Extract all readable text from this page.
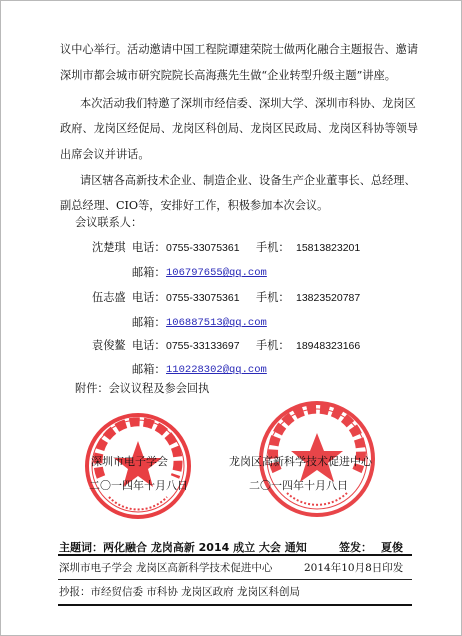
议中心举行。活动邀请中国工程院谭建荣院士做两化融合主题报告、邀请
深圳市都会城市研究院院长高海燕先生做“企业转型升级主题”讲座。
本次活动我们特邀了深圳市经信委、深圳大学、深圳市科协、龙岗区
政府、龙岗区经促局、龙岗区科创局、龙岗区民政局、龙岗区科协等领导
出席会议并讲话。
请区辖各高新技术企业、制造企业、设备生产企业董事长、总经理、
副总经理、CIO等，安排好工作，积极参加本次会议。
会议联系人：
沈楚琪 电话： 0755-33075361 手机： 15813823201
邮箱： 106797655@qq.com
伍志盛 电话： 0755-33075361 手机： 13823520787
邮箱： 106887513@qq.com
袁俊鳌 电话： 0755-33133697 手机： 18948323166
邮箱： 110228302@qq.com
附件：会议议程及参会回执
深圳市电子学会
二〇一四年十月八日
龙岗区高新科学技术促进中心
二〇一四年十月八日
主题词：两化融合 龙岗高新 2014 成立 大会 通知	签发： 夏俊
深圳市电子学会 龙岗区高新科学技术促进中心	2014年10月8日印发
抄报：市经贸信委 市科协 龙岗区政府 龙岗区科创局
